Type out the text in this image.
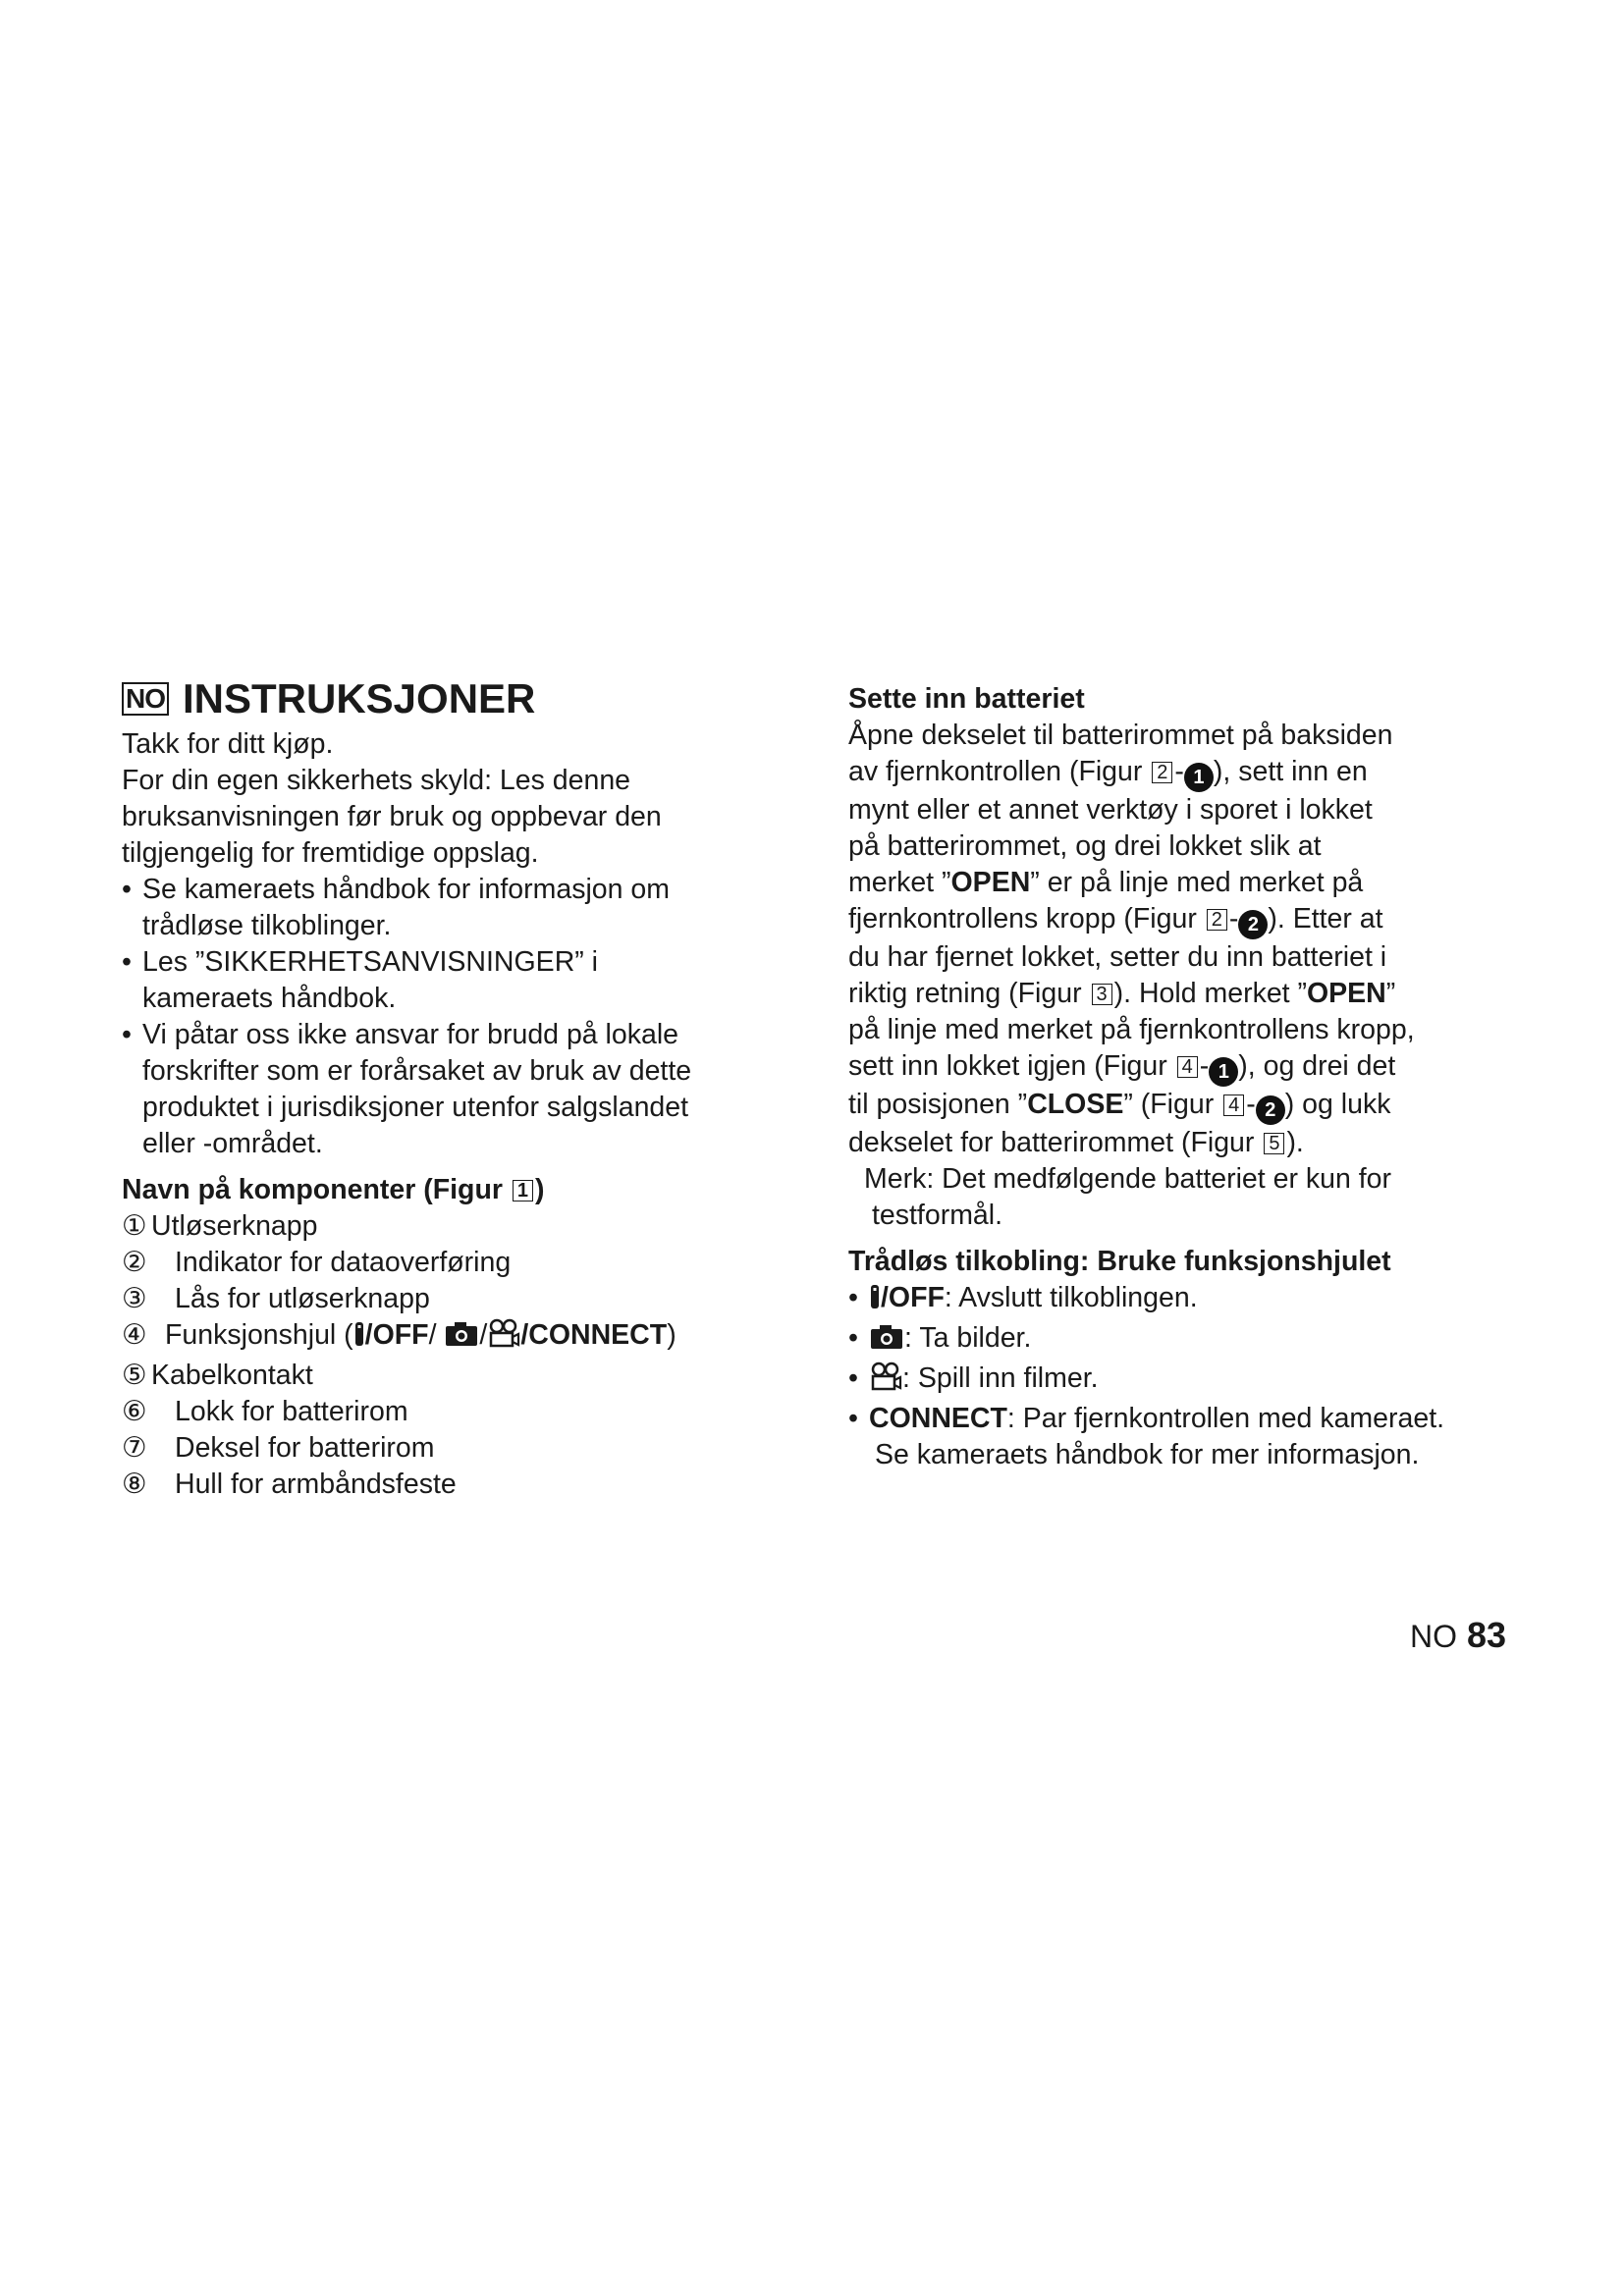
NO INSTRUKSJONER
Takk for ditt kjøp.
For din egen sikkerhets skyld: Les denne
bruksanvisningen før bruk og oppbevar den
tilgjengelig for fremtidige oppslag.
• Se kameraets håndbok for informasjon om
trådløse tilkoblinger.
• Les ”SIKKERHETSANVISNINGER” i
kameraets håndbok.
• Vi påtar oss ikke ansvar for brudd på lokale
forskrifter som er forårsaket av bruk av dette
produktet i jurisdiksjoner utenfor salgslandet
eller -området.
Navn på komponenter (Figur 1 )
① Utløserknapp
② Indikator for dataoverføring
③ Lås for utløserknapp
④ Funksjonshjul ( /OFF/ / /CONNECT)
⑤ Kabelkontakt
⑥ Lokk for batterirom
⑦ Deksel for batterirom
⑧ Hull for armbåndsfeste
Sette inn batteriet
Åpne dekselet til batterirommet på baksiden
av fjernkontrollen (Figur 2 - 1 ), sett inn en
mynt eller et annet verktøy i sporet i lokket
på batterirommet, og drei lokket slik at
merket ”OPEN” er på linje med merket på
fjernkontrollens kropp (Figur 2 - 2 ). Etter at
du har fjernet lokket, setter du inn batteriet i
riktig retning (Figur 3 ). Hold merket ”OPEN”
på linje med merket på fjernkontrollens kropp,
sett inn lokket igjen (Figur 4 - 1 ), og drei det
til posisjonen ”CLOSE” (Figur 4 - 2 ) og lukk
dekselet for batterirommet (Figur 5 ).
Merk: Det medfølgende batteriet er kun for
testformål.
Trådløs tilkobling: Bruke funksjonshjulet
• /OFF: Avslutt tilkoblingen.
• : Ta bilder.
• : Spill inn filmer.
• CONNECT: Par fjernkontrollen med kameraet.
Se kameraets håndbok for mer informasjon.
NO 83
